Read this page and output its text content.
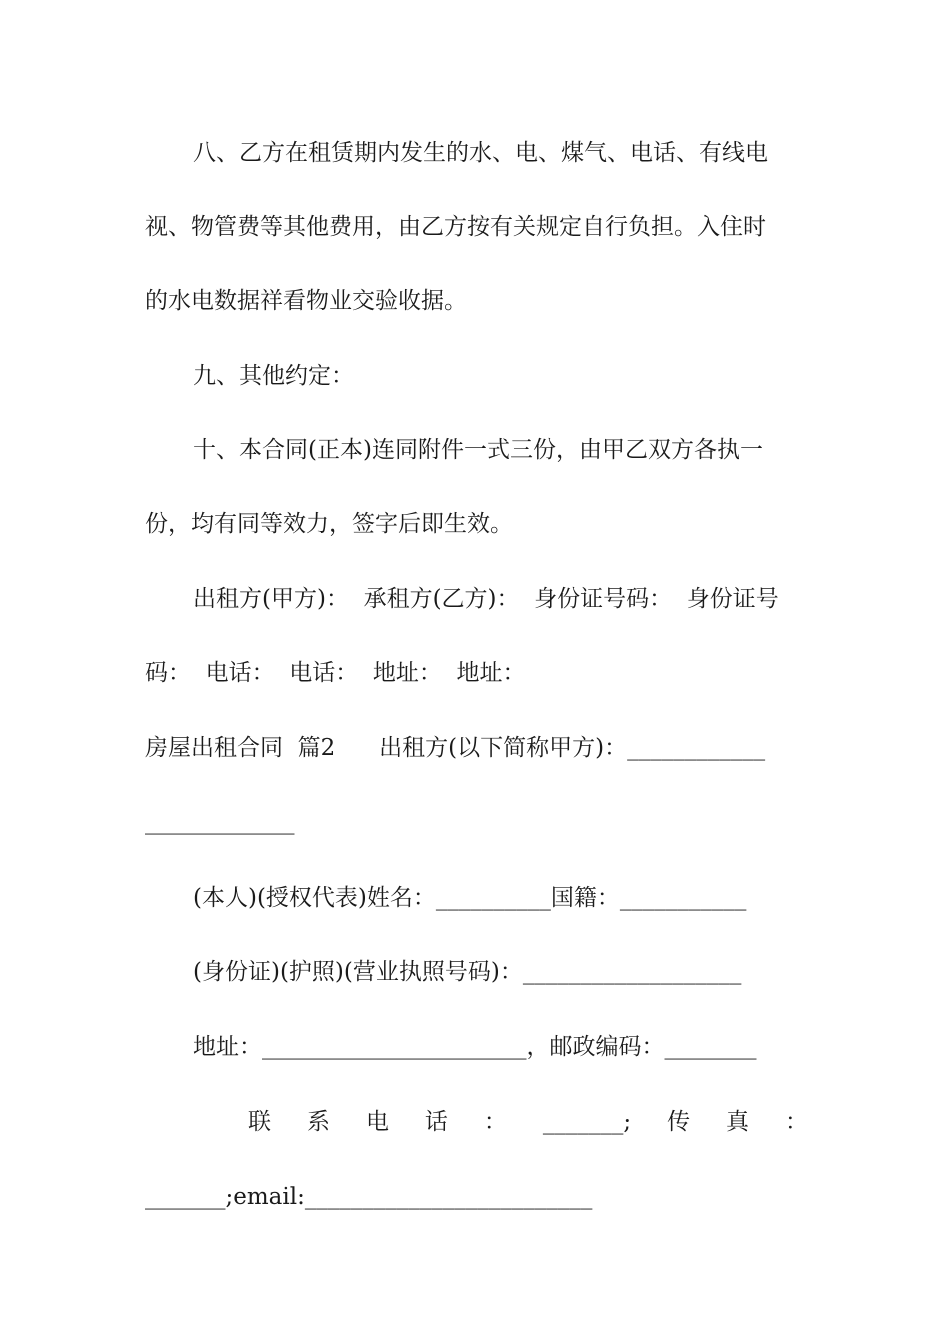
八、乙方在租赁期内发生的水、电、煤气、电话、有线电
视、物管费等其他费用，由乙方按有关规定自行负担。入住时
的水电数据祥看物业交验收据。
九、其他约定：
十、本合同(正本)连同附件一式三份，由甲乙双方各执一
份，均有同等效力，签字后即生效。
出租方(甲方)：  承租方(乙方)：  身份证号码：  身份证号
码：  电话：  电话：  地址：  地址：
房屋出租合同  篇2      出租方(以下简称甲方)：____________
_____________
(本人)(授权代表)姓名：__________国籍：___________
(身份证)(护照)(营业执照号码)：___________________
地址：_______________________，邮政编码：________
联 系 电 话 ： _______; 传 真 ：
_______;email:_________________________
